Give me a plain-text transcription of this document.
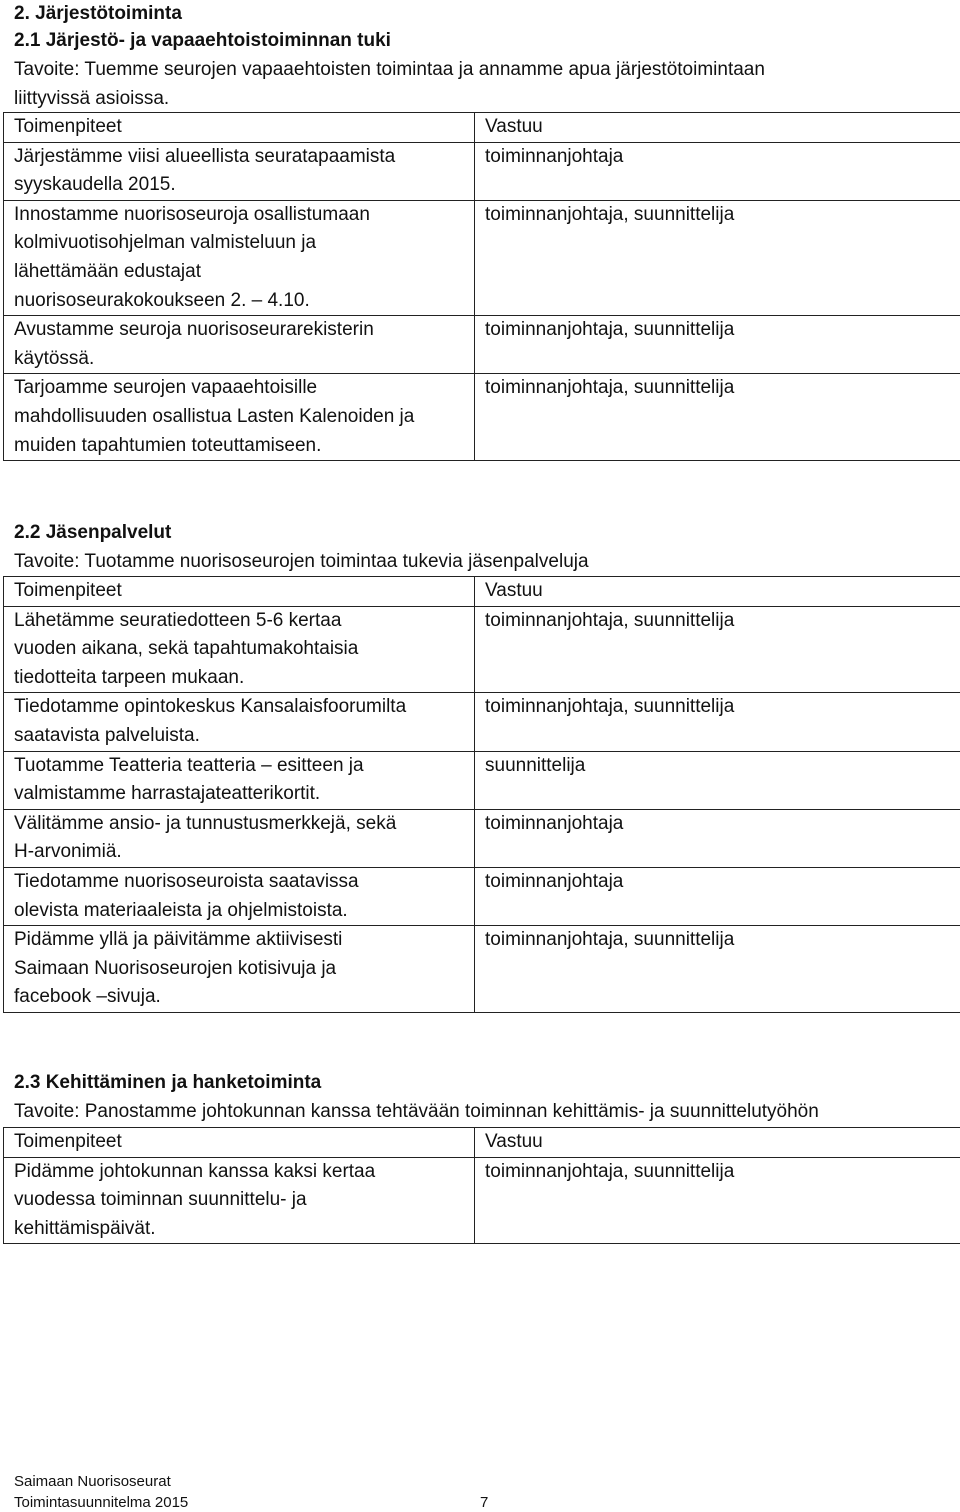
2. Järjestötoiminta
2.1 Järjestö- ja vapaaehtoistoiminnan tuki
Tavoite: Tuemme seurojen vapaaehtoisten toimintaa ja annamme apua järjestötoimintaan
liittyvissä asioissa.
Toimenpiteet	Vastuu

Järjestämme viisi alueellista seuratapaamista
syyskaudella 2015.	toiminnanjohtaja

Innostamme nuorisoseuroja osallistumaan
kolmivuotisohjelman valmisteluun ja
lähettämään edustajat
nuorisoseurakokoukseen 2. – 4.10.	toiminnanjohtaja, suunnittelija

Avustamme seuroja nuorisoseurarekisterin
käytössä.	toiminnanjohtaja, suunnittelija

Tarjoamme seurojen vapaaehtoisille
mahdollisuuden osallistua Lasten Kalenoiden ja
muiden tapahtumien toteuttamiseen.	toiminnanjohtaja, suunnittelija
2.2 Jäsenpalvelut
Tavoite: Tuotamme nuorisoseurojen toimintaa tukevia jäsenpalveluja
Toimenpiteet	Vastuu

Lähetämme seuratiedotteen 5-6 kertaa
vuoden aikana, sekä tapahtumakohtaisia
tiedotteita tarpeen mukaan.	toiminnanjohtaja, suunnittelija

Tiedotamme opintokeskus Kansalaisfoorumilta
saatavista palveluista.	toiminnanjohtaja, suunnittelija

Tuotamme Teatteria teatteria – esitteen ja
valmistamme harrastajateatterikortit.	suunnittelija

Välitämme ansio- ja tunnustusmerkkejä, sekä
H-arvonimiä.	toiminnanjohtaja

Tiedotamme nuorisoseuroista saatavissa
olevista materiaaleista ja ohjelmistoista.	toiminnanjohtaja

Pidämme yllä ja päivitämme aktiivisesti
Saimaan Nuorisoseurojen kotisivuja ja
facebook –sivuja.	toiminnanjohtaja, suunnittelija
2.3 Kehittäminen ja hanketoiminta
Tavoite: Panostamme johtokunnan kanssa tehtävään toiminnan kehittämis- ja suunnittelutyöhön
Toimenpiteet	Vastuu

Pidämme johtokunnan kanssa kaksi kertaa
vuodessa toiminnan suunnittelu- ja
kehittämispäivät.	toiminnanjohtaja, suunnittelija
Saimaan Nuorisoseurat
Toimintasuunnitelma 2015	7
